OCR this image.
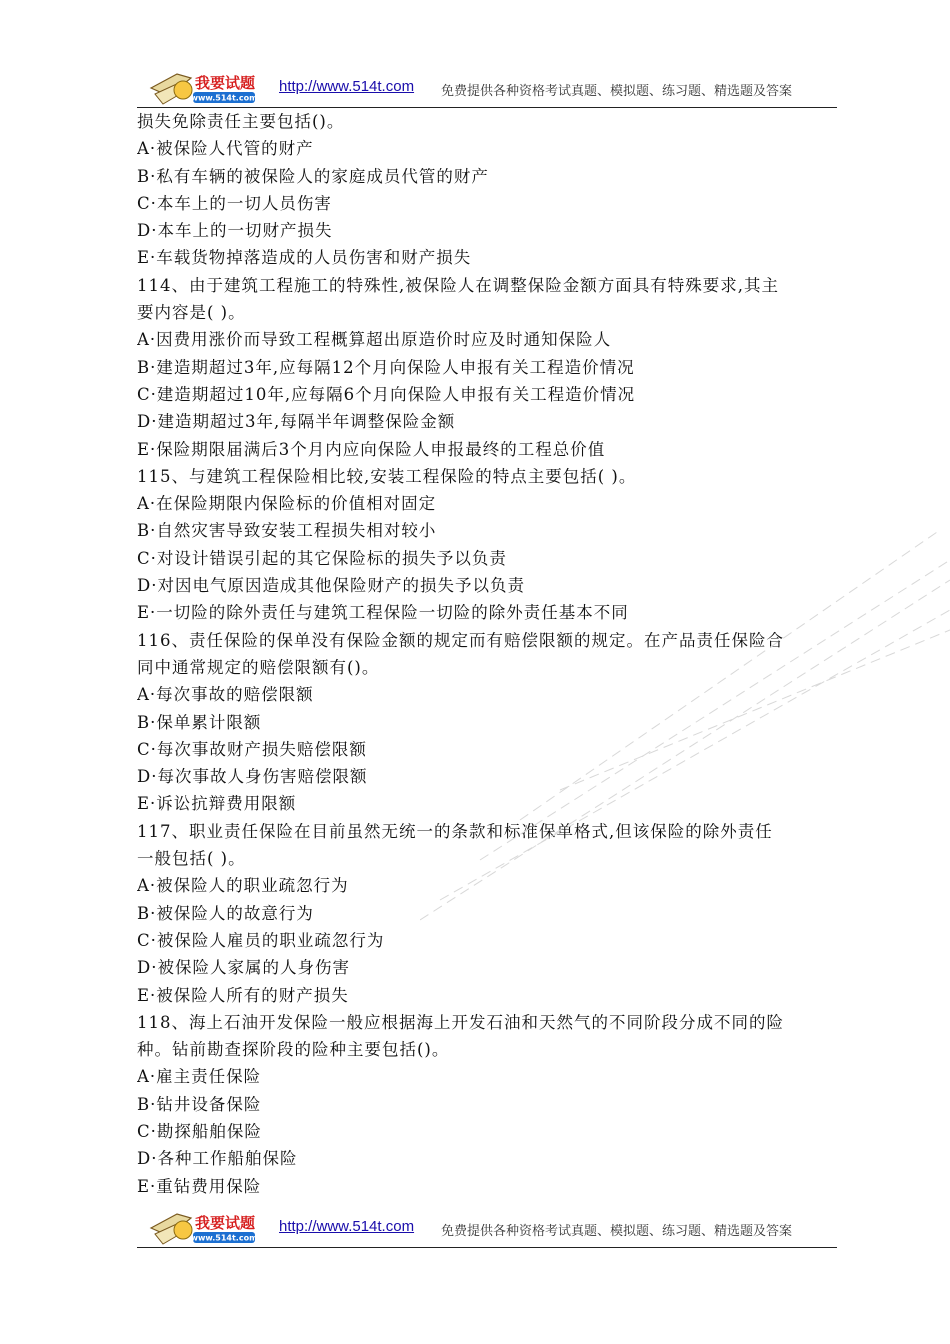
我要试题
www.514t.com
http://www.514t.com 免费提供各种资格考试真题、模拟题、练习题、精选题及答案
损失免除责任主要包括()。
A·被保险人代管的财产
B·私有车辆的被保险人的家庭成员代管的财产
C·本车上的一切人员伤害
D·本车上的一切财产损失
E·车载货物掉落造成的人员伤害和财产损失
114、由于建筑工程施工的特殊性,被保险人在调整保险金额方面具有特殊要求,其主
要内容是( )。
A·因费用涨价而导致工程概算超出原造价时应及时通知保险人
B·建造期超过3年,应每隔12个月向保险人申报有关工程造价情况
C·建造期超过10年,应每隔6个月向保险人申报有关工程造价情况
D·建造期超过3年,每隔半年调整保险金额
E·保险期限届满后3个月内应向保险人申报最终的工程总价值
115、与建筑工程保险相比较,安装工程保险的特点主要包括( )。
A·在保险期限内保险标的价值相对固定
B·自然灾害导致安装工程损失相对较小
C·对设计错误引起的其它保险标的损失予以负责
D·对因电气原因造成其他保险财产的损失予以负责
E·一切险的除外责任与建筑工程保险一切险的除外责任基本不同
116、责任保险的保单没有保险金额的规定而有赔偿限额的规定。在产品责任保险合
同中通常规定的赔偿限额有()。
A·每次事故的赔偿限额
B·保单累计限额
C·每次事故财产损失赔偿限额
D·每次事故人身伤害赔偿限额
E·诉讼抗辩费用限额
117、职业责任保险在目前虽然无统一的条款和标准保单格式,但该保险的除外责任
一般包括( )。
A·被保险人的职业疏忽行为
B·被保险人的故意行为
C·被保险人雇员的职业疏忽行为
D·被保险人家属的人身伤害
E·被保险人所有的财产损失
118、海上石油开发保险一般应根据海上开发石油和天然气的不同阶段分成不同的险
种。钻前勘查探阶段的险种主要包括()。
A·雇主责任保险
B·钻井设备保险
C·勘探船舶保险
D·各种工作船舶保险
E·重钻费用保险
我要试题
www.514t.com
http://www.514t.com 免费提供各种资格考试真题、模拟题、练习题、精选题及答案
